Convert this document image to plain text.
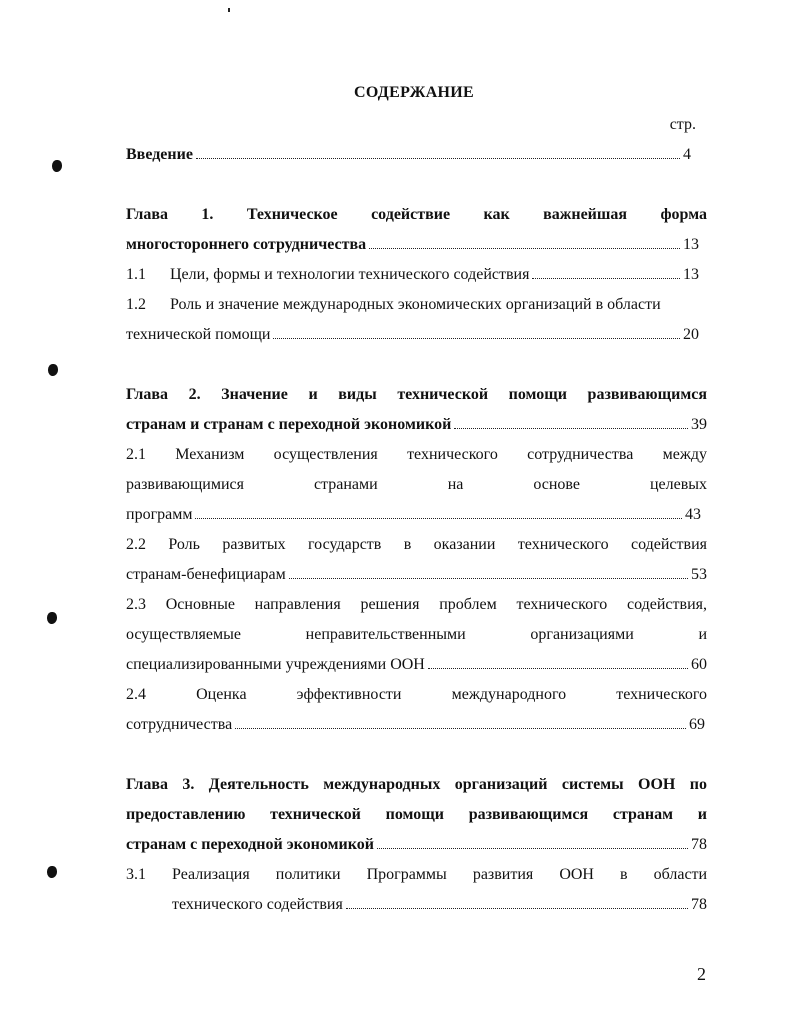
СОДЕРЖАНИЕ
стр.
Введение	4
Глава 1. Техническое содействие как важнейшая форма
многостороннего сотрудничества	13
1.1 Цели, формы и технологии технического содействия	13
1.2 Роль и значение международных экономических организаций в области
технической помощи	20
Глава 2. Значение и виды технической помощи развивающимся
странам и странам с переходной экономикой	39
2.1 Механизм осуществления технического сотрудничества между
развивающимися	странами	на	основе	целевых
программ	43
2.2 Роль развитых государств в оказании технического содействия
странам-бенефициарам	53
2.3 Основные направления решения проблем технического содействия,
осуществляемые	неправительственными	организациями	и
специализированными учреждениями ООН	60
2.4	Оценка	эффективности	международного	технического
сотрудничества	69
Глава 3. Деятельность международных организаций системы ООН по
предоставлению технической помощи развивающимся странам и
странам с переходной экономикой	78
3.1 Реализация политики Программы развития ООН в области
технического содействия	78
2
